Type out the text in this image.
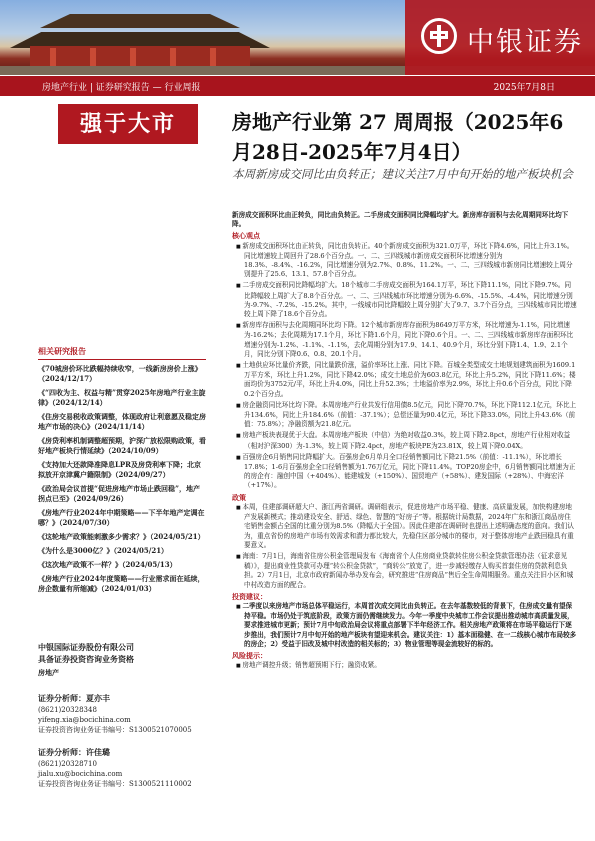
中银证券
房地产行业 | 证券研究报告 — 行业周报	2025年7月8日
强于大市	房地产行业第 27 周周报（2025年6月28日-2025年7月4日）
本周新房成交同比由负转正；建议关注7月中旬开始的地产板块机会

新房成交面积环比由正转负，同比由负转正。二手房成交面积同比降幅均扩大。新房库存面积与去化周期同环比均下降。

核心观点

■ 新房成交面积环比由正转负，同比由负转正。40个新房成交面积为321.0万平，环比下降4.6%，同比上升3.1%。同比增速较上周回升了28.6个百分点。一、二、三四线城市新房成交面积环比增速分别为18.3%、-8.4%、-16.2%，同比增速分别为2.7%、0.8%、11.2%。一、二、三四线城市新房同比增速较上周分别提升了25.6、13.1、57.8个百分点。

■ 二手房成交面积同比降幅均扩大。18个城市二手房成交面积为164.1万平，环比下降11.1%，同比下降9.7%。同比降幅较上周扩大了8.8个百分点。一、二、三四线城市环比增速分别为-6.6%、-15.5%、-4.4%，同比增速分别为-9.7%、-7.2%、-15.2%。其中，一线城市同比降幅较上周分别扩大了9.7、3.7个百分点，三四线城市同比增速较上周下降了18.6个百分点。

■ 新房库存面积与去化周期同环比均下降。12个城市新房库存面积为8649万平方米，环比增速为-1.1%，同比增速为-16.2%；去化周期为17.1个月，环比下降1.6个月，同比下降0.6个月。一、二、三四线城市新房库存面积环比增速分别为-1.2%、-1.1%、-1.1%，去化周期分别为17.9、14.1、40.9个月，环比分别下降1.4、1.9、2.1个月，同比分别下降0.6、0.8、20.1个月。

■ 土地供应环比量价齐跌，同比量跌价涨，溢价率环比上涨、同比下降。百城全类型成交土地规划建筑面积为1609.1万平方米，环比上升1.2%，同比下降42.0%；成交土地总价为603.8亿元，环比上升5.2%，同比下降11.6%；楼面均价为3752元/平，环比上升4.0%，同比上升52.3%；土地溢价率为2.9%，环比上升0.6个百分点，同比下降0.2个百分点。

■ 房企融资同比环比均下降。本周房地产行业共发行信用债8.5亿元，同比下降70.7%，环比下降112.1亿元，环比上升134.6%，同比上升184.6%（前值：-37.1%）；总偿还量为90.4亿元，环比下降33.0%，同比上升43.6%（前值：75.8%）；净融资额为21.8亿元。

■ 房地产板块表现优于大盘。本周房地产板块（中信）为绝对收益0.3%，较上周下降2.8pct，房地产行业相对收益（相对沪深300）为-1.3%，较上周下降2.4pct，房地产板块PE为23.81X，较上周下降0.04X。

■ 百强房企6月销售同比降幅扩大。百强房企6月单月全口径销售额同比下降21.5%（前值：-11.1%），环比增长17.8%；1-6月百强房企全口径销售额为1.76万亿元，同比下降11.4%。TOP20房企中，6月销售额同比增速为正的房企有：融创中国（+404%）、能建城发（+150%）、国贸地产（+58%）、建发国际（+28%）、中海宏洋（+17%）。

政策

■ 本周，住建部调研超大户、浙江两省调研。调研组表示，促进房地产市场平稳、健康、高质量发展，加快构建房地产发展新模式；推动建设安全、舒适、绿色、智慧的“好房子”等。根据统计局数据，2024年广东和浙江商品房住宅销售金额占全国的比重分别为8.5%（降幅大于全国）。因此住建部在调研时也提出上述明确态度的意向。我们认为，重点省份的房地产市场有效需求和潜力都比较大，先稳住区部分城市的楼市，对于整体房地产止跌回稳具有重要意义。

■ 海南：7月1日，海南省住房公积金管理局发布《海南省个人住房商业贷款转住房公积金贷款管理办法（征求意见稿）》，提出商业性贷款可办理“转公积金贷款”，“商转公”放宽了，进一步减轻缴存人购买首套住房的贷款利息负担。2）7月1日，北京市政府新闻办举办发布会，研究推进“住房商品”售后全生命周期服务。重点关注旧小区和城中村改造方面的配合。

投资建议：

■ 二季度以来房地产市场总体平稳运行，本周首次成交同比由负转正。在去年基数较低的背景下，住房成交量有望保持平稳。市场仍处于筑底阶段，政策方面仍需继续发力。今年一季度中央城市工作会议提出推动城市高质量发展，要求推进城市更新；预计7月中旬政治局会议将重点部署下半年经济工作。相关房地产政策将在市场平稳运行下逐步推出，我们预计7月中旬开始的地产板块有望迎来机会。建议关注：1）基本面稳健、在一二线核心城市布局较多的房企；2）受益于旧改及城中村改造的相关标的；3）物业管理等现金流较好的标的。

风险提示：

■ 房地产调控升级；销售超预期下行；融资收紧。

相关研究报告
《70城房价环比跌幅持续收窄，一线新房房价上涨》（2024/12/17）
《“四收为主、权益与精”贯穿2025年房地产行业主旋律》（2024/12/14）
《住房交易税收政策调整，体现政府让利意愿及稳定房地产市场的决心》（2024/11/14）
《房贷利率机制调整超预期，沪深广放松限购政策，看好地产板块行情延续》（2024/10/09）
《支持加大还款降准降息LPR及房贷利率下降；北京拟放开京津冀户籍限制》（2024/09/27）
《政治局会议首提“促进房地产市场止跌回稳”，地产拐点已至》（2024/09/26）
《房地产行业2024年中期策略——下半年地产定调在哪？》（2024/07/30）
《这轮地产政策能刺激多少需求？》（2024/05/21）
《为什么是3000亿？》（2024/05/21）
《这次地产政策不一样？》（2024/05/13）
《房地产行业2024年度策略——行业需求面在延续，房企数量有所缩减》（2024/01/03）
中银国际证券股份有限公司
具备证券投资咨询业务资格
房地产
证券分析师：夏亦丰
(8621)20328348
yifeng.xia@bocichina.com
证券投资咨询业务证书编号：S1300521070005
证券分析师：许佳璐
(8621)20328710
jialu.xu@bocichina.com
证券投资咨询业务证书编号：S1300521110002
